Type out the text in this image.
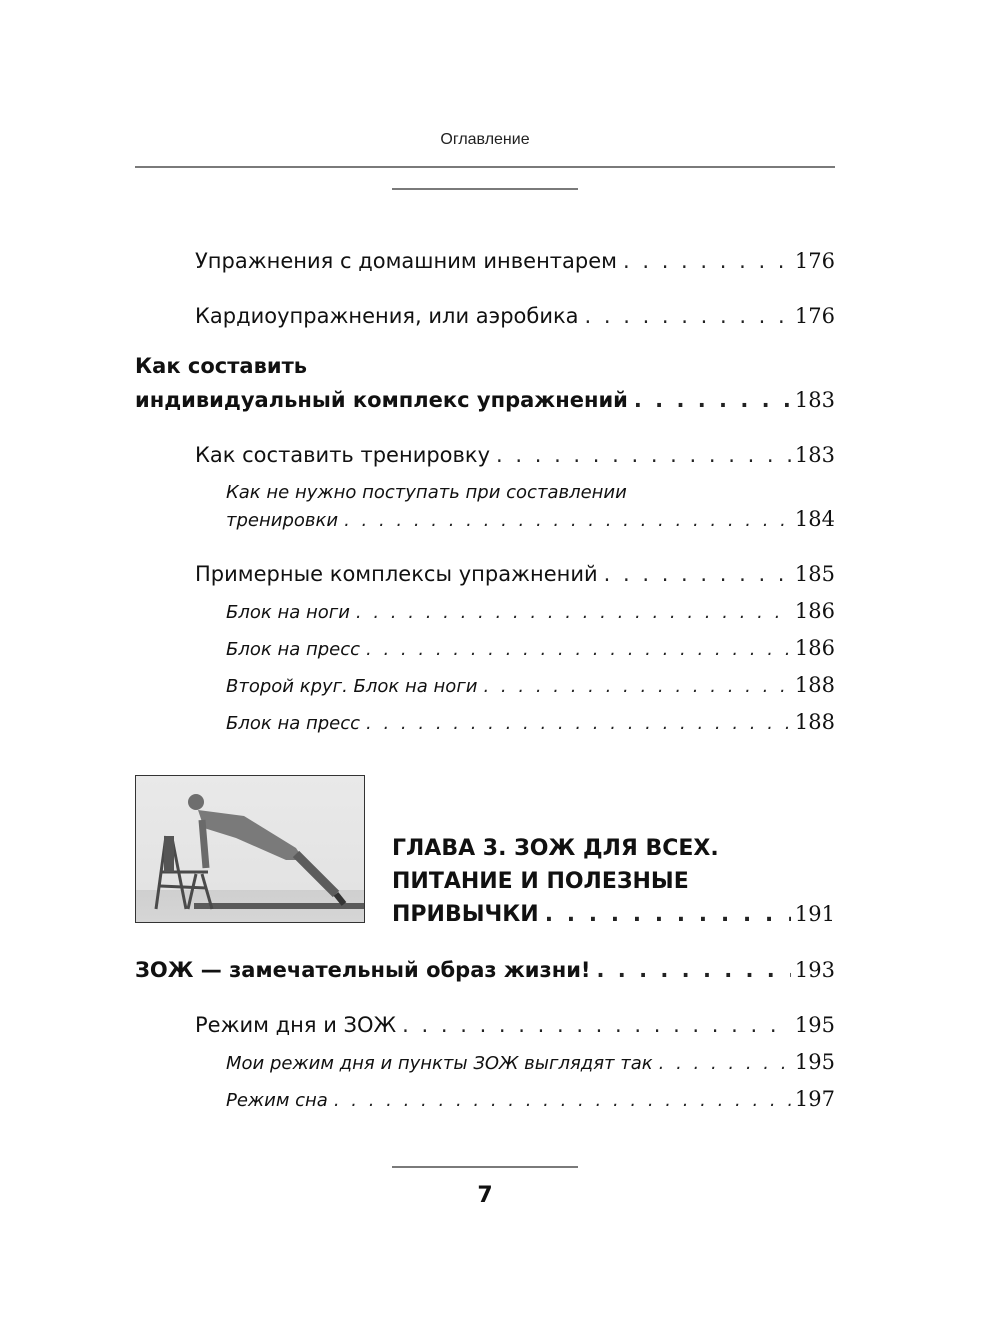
Оглавление
Упражнения с домашним инвентарем . . .	176
Кардиоупражнения, или аэробика . . .	176
Как составить
индивидуальный комплекс упражнений . . .	183
Как составить тренировку . . .	183
Как не нужно поступать при составлении
тренировки . . .	184
Примерные комплексы упражнений . . .	185
Блок на ноги . . .	186
Блок на пресс . . .	186
Второй круг. Блок на ноги . . .	188
Блок на пресс . . .	188
ГЛАВА 3. ЗОЖ ДЛЯ ВСЕХ.
ПИТАНИЕ И ПОЛЕЗНЫЕ
ПРИВЫЧКИ . . .	191
ЗОЖ — замечательный образ жизни! . . .	193
Режим дня и ЗОЖ . . .	195
Мои режим дня и пункты ЗОЖ выглядят так . . .	195
Режим сна . . .	197
7
